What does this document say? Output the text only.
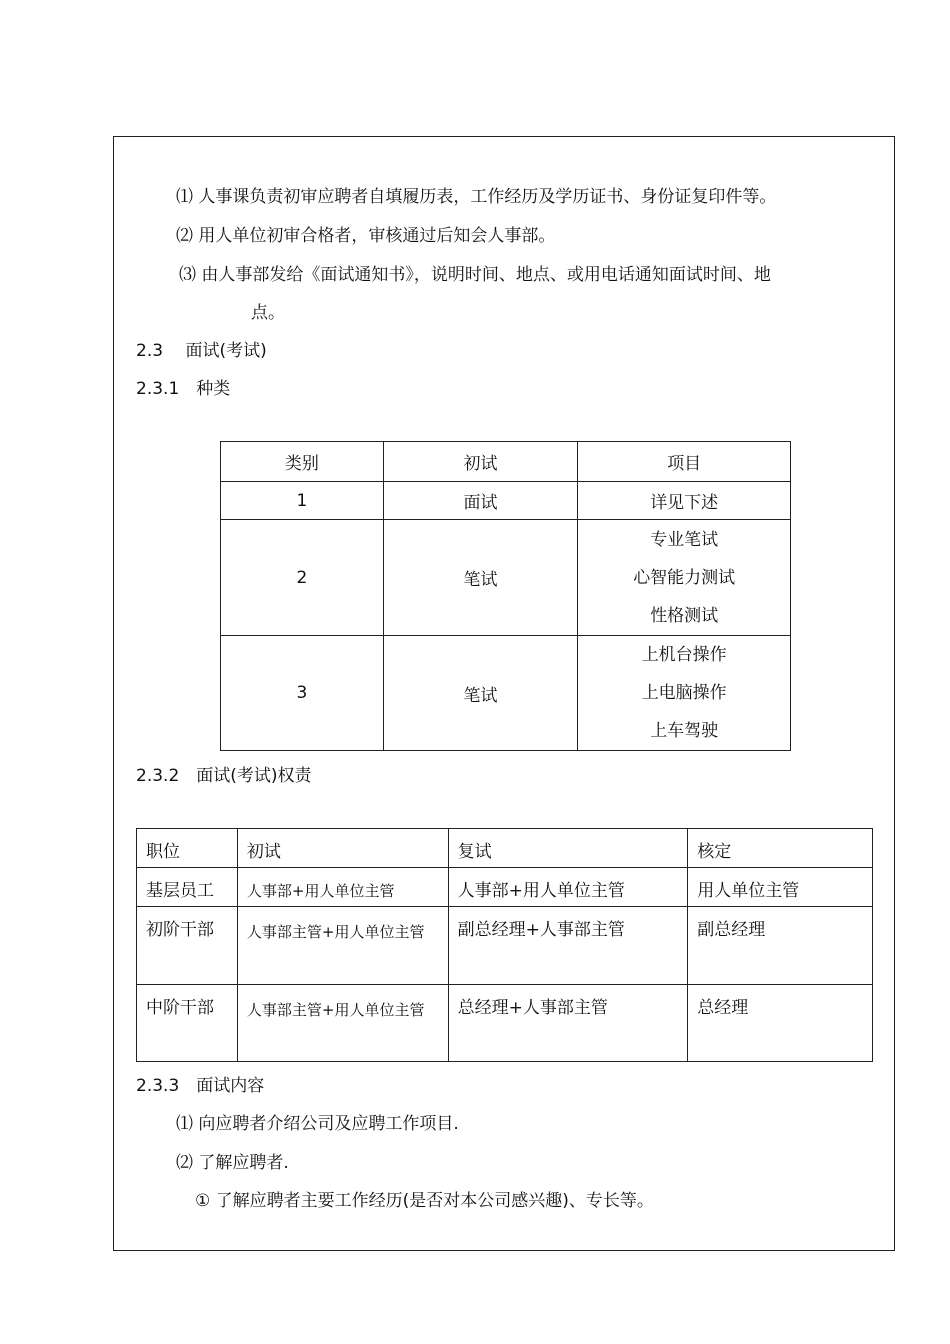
⑴ 人事课负责初审应聘者自填履历表，工作经历及学历证书、身份证复印件等。
⑵ 用人单位初审合格者，审核通过后知会人事部。
⑶ 由人事部发给《面试通知书》，说明时间、地点、或用电话通知面试时间、地
点。
2.3　 面试(考试)
2.3.1　种类
类别	初试	项目
1	面试	详见下述
2	笔试	专业笔试
心智能力测试
性格测试

3	笔试	上机台操作
上电脑操作
上车驾驶
2.3.2　面试(考试)权责
职位	初试	复试	核定
基层员工	人事部+用人单位主管	人事部+用人单位主管	用人单位主管
初阶干部	人事部主管+用人单位主管	副总经理+人事部主管	副总经理
中阶干部	人事部主管+用人单位主管	总经理+人事部主管	总经理
2.3.3　面试内容
⑴ 向应聘者介绍公司及应聘工作项目.
⑵ 了解应聘者.
① 了解应聘者主要工作经历(是否对本公司感兴趣)、专长等。
